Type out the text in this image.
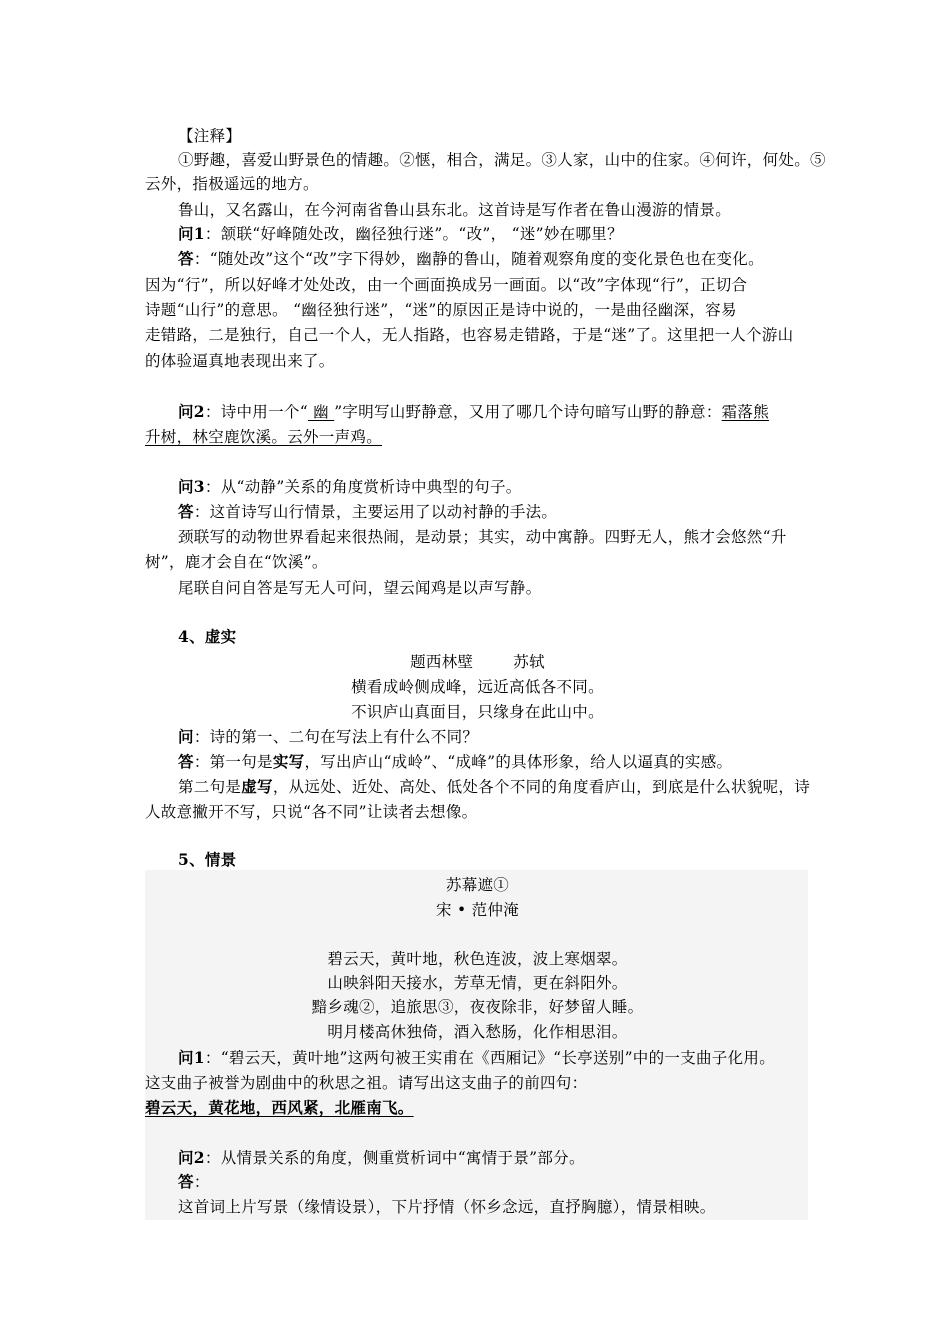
【注释】
①野趣，喜爱山野景色的情趣。②惬，相合，满足。③人家，山中的住家。④何许，何处。⑤
云外，指极遥远的地方。
鲁山，又名露山，在今河南省鲁山县东北。这首诗是写作者在鲁山漫游的情景。
问1：颔联“好峰随处改，幽径独行迷”。“改”， “迷”妙在哪里？
答：“随处改”这个“改”字下得妙，幽静的鲁山，随着观察角度的变化景色也在变化。
因为“行”，所以好峰才处处改，由一个画面换成另一画面。以“改”字体现“行”，正切合
诗题“山行”的意思。 “幽径独行迷”，“迷”的原因正是诗中说的，一是曲径幽深，容易
走错路，二是独行，自己一个人，无人指路，也容易走错路，于是“迷”了。这里把一人个游山
的体验逼真地表现出来了。
问2：诗中用一个“ 幽 ”字明写山野静意，又用了哪几个诗句暗写山野的静意：霜落熊
升树，林空鹿饮溪。云外一声鸡。
问3：从“动静”关系的角度赏析诗中典型的句子。
答：这首诗写山行情景，主要运用了以动衬静的手法。
颈联写的动物世界看起来很热闹，是动景；其实，动中寓静。四野无人，熊才会悠然“升
树”，鹿才会自在“饮溪”。
尾联自问自答是写无人可问，望云闻鸡是以声写静。
4、虚实
题西林壁	苏轼
横看成岭侧成峰，远近高低各不同。
不识庐山真面目，只缘身在此山中。
问：诗的第一、二句在写法上有什么不同？
答：第一句是实写，写出庐山“成岭”、“成峰”的具体形象，给人以逼真的实感。
第二句是虚写，从远处、近处、高处、低处各个不同的角度看庐山，到底是什么状貌呢，诗
人故意撇开不写，只说“各不同”让读者去想像。
5、情景
苏幕遮①
宋 • 范仲淹
碧云天，黄叶地，秋色连波，波上寒烟翠。
山映斜阳天接水，芳草无情，更在斜阳外。
黯乡魂②，追旅思③，夜夜除非，好梦留人睡。
明月楼高休独倚，酒入愁肠，化作相思泪。
问1：“碧云天，黄叶地”这两句被王实甫在《西厢记》“长亭送别”中的一支曲子化用。
这支曲子被誉为剧曲中的秋思之祖。请写出这支曲子的前四句：
碧云天，黄花地，西风紧，北雁南飞。
问2：从情景关系的角度，侧重赏析词中“寓情于景”部分。
答：
这首词上片写景（缘情设景），下片抒情（怀乡念远，直抒胸臆），情景相映。
